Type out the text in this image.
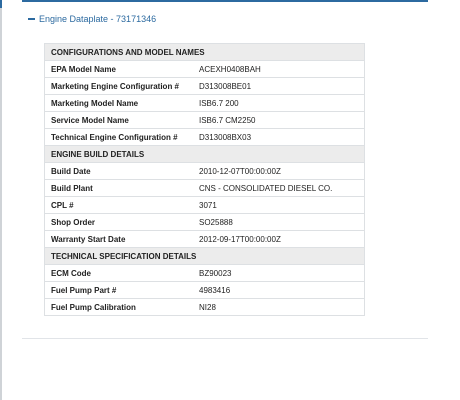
Engine Dataplate - 73171346
CONFIGURATIONS AND MODEL NAMES	
EPA Model Name	ACEXH0408BAH
Marketing Engine Configuration #	D313008BE01
Marketing Model Name	ISB6.7 200
Service Model Name	ISB6.7 CM2250
Technical Engine Configuration #	D313008BX03
ENGINE BUILD DETAILS	
Build Date	2010-12-07T00:00:00Z
Build Plant	CNS - CONSOLIDATED DIESEL CO.
CPL #	3071
Shop Order	SO25888
Warranty Start Date	2012-09-17T00:00:00Z
TECHNICAL SPECIFICATION DETAILS	
ECM Code	BZ90023
Fuel Pump Part #	4983416
Fuel Pump Calibration	NI28
